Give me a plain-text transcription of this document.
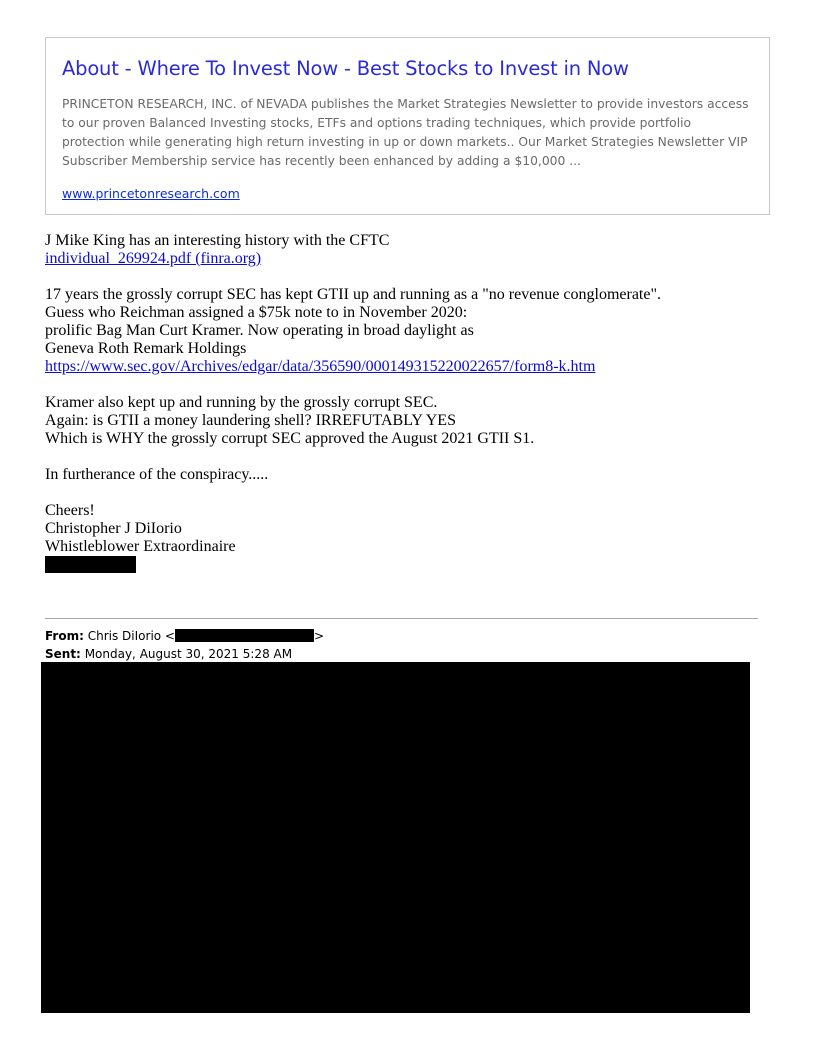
About - Where To Invest Now - Best Stocks to Invest in Now

PRINCETON RESEARCH, INC. of NEVADA publishes the Market Strategies Newsletter to provide investors access to our proven Balanced Investing stocks, ETFs and options trading techniques, which provide portfolio protection while generating high return investing in up or down markets.. Our Market Strategies Newsletter VIP Subscriber Membership service has recently been enhanced by adding a $10,000 ...

www.princetonresearch.com

J Mike King has an interesting history with the CFTC

individual_269924.pdf (finra.org)

17 years the grossly corrupt SEC has kept GTII up and running as a "no revenue conglomerate".

Guess who Reichman assigned a $75k note to in November 2020:

prolific Bag Man Curt Kramer. Now operating in broad daylight as

Geneva Roth Remark Holdings

https://www.sec.gov/Archives/edgar/data/356590/000149315220022657/form8-k.htm

Kramer also kept up and running by the grossly corrupt SEC.

Again: is GTII a money laundering shell? IRREFUTABLY YES

Which is WHY the grossly corrupt SEC approved the August 2021 GTII S1.

In furtherance of the conspiracy.....

Cheers!

Christopher J DiIorio

Whistleblower Extraordinaire

From: Chris DiIorio <	>
Sent: Monday, August 30, 2021 5:28 AM
